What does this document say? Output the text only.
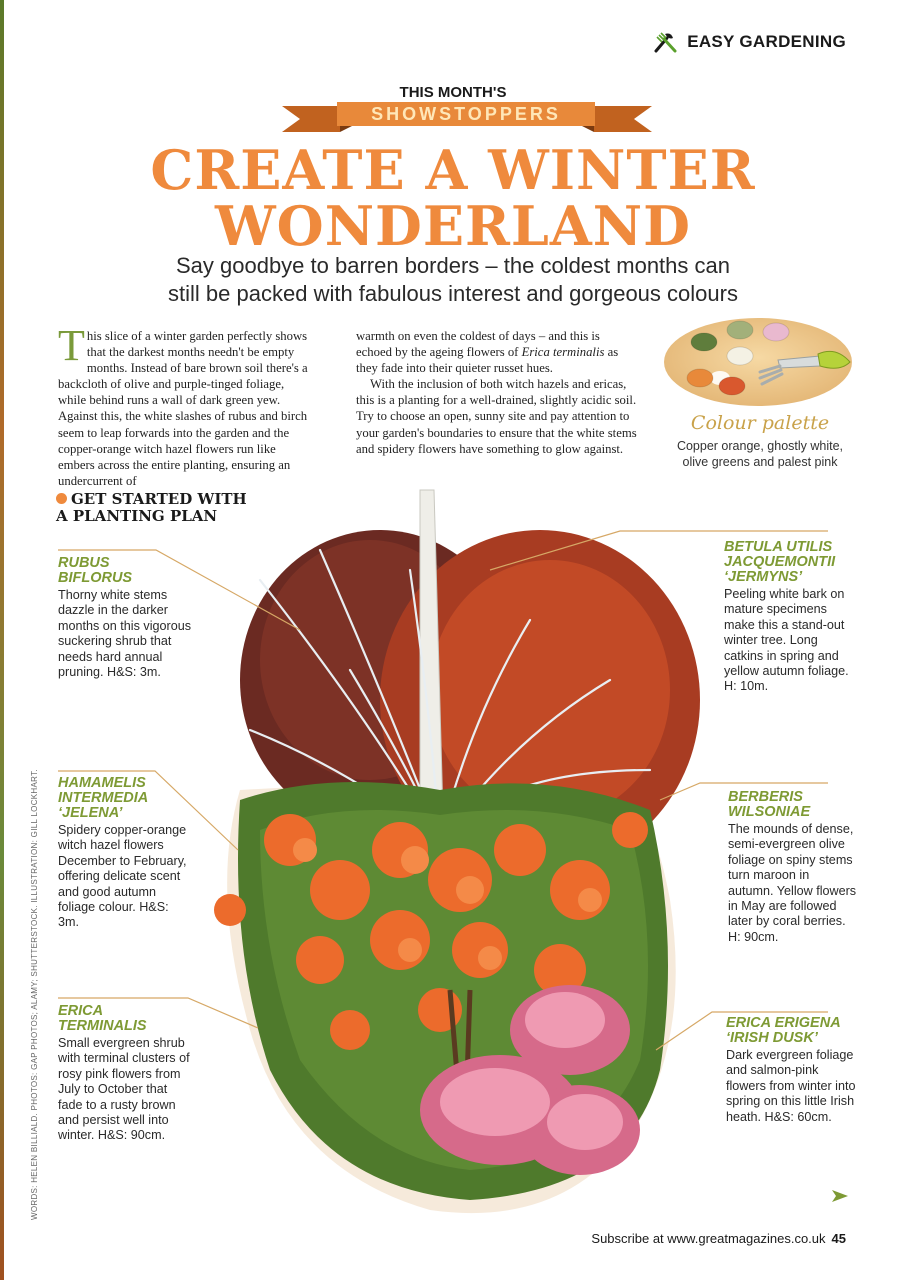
EASY GARDENING
THIS MONTH'S
SHOWSTOPPERS
CREATE A WINTER
WONDERLAND
Say goodbye to barren borders – the coldest months can
still be packed with fabulous interest and gorgeous colours
T his slice of a winter garden perfectly shows that the darkest months needn't be empty months. Instead of bare brown soil there's a backcloth of olive and purple-tinged foliage, while behind runs a wall of dark green yew. Against this, the white slashes of rubus and birch seem to leap forwards into the garden and the copper-orange witch hazel flowers run like embers across the entire planting, ensuring an undercurrent of

warmth on even the coldest of days – and this is echoed by the ageing flowers of Erica terminalis as they fade into their quieter russet hues.

With the inclusion of both witch hazels and ericas, this is a planting for a well-drained, slightly acidic soil. Try to choose an open, sunny site and pay attention to your garden's boundaries to ensure that the white stems and spidery flowers have something to glow against.

Colour palette
Copper orange, ghostly white,
olive greens and palest pink
GET STARTED WITH
A PLANTING PLAN
RUBUS
BIFLORUS
Thorny white stems dazzle in the darker months on this vigorous suckering shrub that needs hard annual pruning. H&S: 3m.
HAMAMELIS
INTERMEDIA
‘JELENA’
Spidery copper-orange witch hazel flowers December to February, offering delicate scent and good autumn foliage colour. H&S: 3m.
ERICA
TERMINALIS
Small evergreen shrub with terminal clusters of rosy pink flowers from July to October that fade to a rusty brown and persist well into winter. H&S: 90cm.
BETULA UTILIS
JACQUEMONTII
‘JERMYNS’
Peeling white bark on mature specimens make this a stand-out winter tree. Long catkins in spring and yellow autumn foliage. H: 10m.
BERBERIS
WILSONIAE
The mounds of dense, semi-evergreen olive foliage on spiny stems turn maroon in autumn. Yellow flowers in May are followed later by coral berries. H: 90cm.
ERICA ERIGENA
‘IRISH DUSK’
Dark evergreen foliage and salmon-pink flowers from winter into spring on this little Irish heath. H&S: 60cm.
WORDS: HELEN BILLIALD. PHOTOS: GAP PHOTOS; ALAMY; SHUTTERSTOCK. ILLUSTRATION: GILL LOCKHART.
Subscribe at www.greatmagazines.co.uk 45
